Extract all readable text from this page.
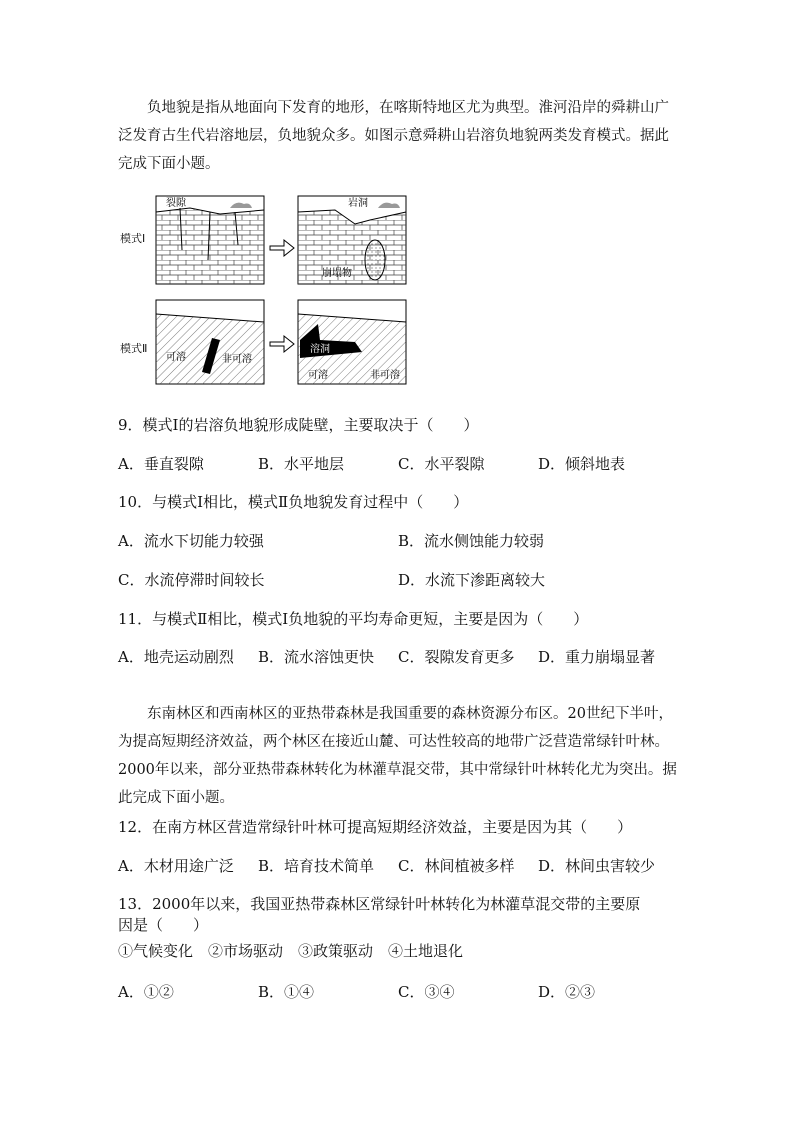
负地貌是指从地面向下发育的地形，在喀斯特地区尤为典型。淮河沿岸的舜耕山广泛发育古生代岩溶地层，负地貌众多。如图示意舜耕山岩溶负地貌两类发育模式。据此完成下面小题。

模式Ⅰ
模式Ⅱ
裂隙	岩洞
崩塌物
可溶	非可溶
溶洞
可溶	非可溶

9．模式Ⅰ的岩溶负地貌形成陡壁，主要取决于（　　）

A．垂直裂隙	B．水平地层	C．水平裂隙	D．倾斜地表

10．与模式Ⅰ相比，模式Ⅱ负地貌发育过程中（　　）

A．流水下切能力较强	B．流水侧蚀能力较弱
C．水流停滞时间较长	D．水流下渗距离较大

11．与模式Ⅱ相比，模式Ⅰ负地貌的平均寿命更短，主要是因为（　　）

A．地壳运动剧烈 B．流水溶蚀更快 C．裂隙发育更多 D．重力崩塌显著

东南林区和西南林区的亚热带森林是我国重要的森林资源分布区。20世纪下半叶，为提高短期经济效益，两个林区在接近山麓、可达性较高的地带广泛营造常绿针叶林。2000年以来，部分亚热带森林转化为林灌草混交带，其中常绿针叶林转化尤为突出。据此完成下面小题。

12．在南方林区营造常绿针叶林可提高短期经济效益，主要是因为其（　　）

A．木材用途广泛 B．培育技术简单 C．林间植被多样 D．林间虫害较少

13．2000年以来，我国亚热带森林区常绿针叶林转化为林灌草混交带的主要原

因是（　　）

①气候变化　②市场驱动　③政策驱动　④土地退化

A．①②	B．①④	C．③④	D．②③
